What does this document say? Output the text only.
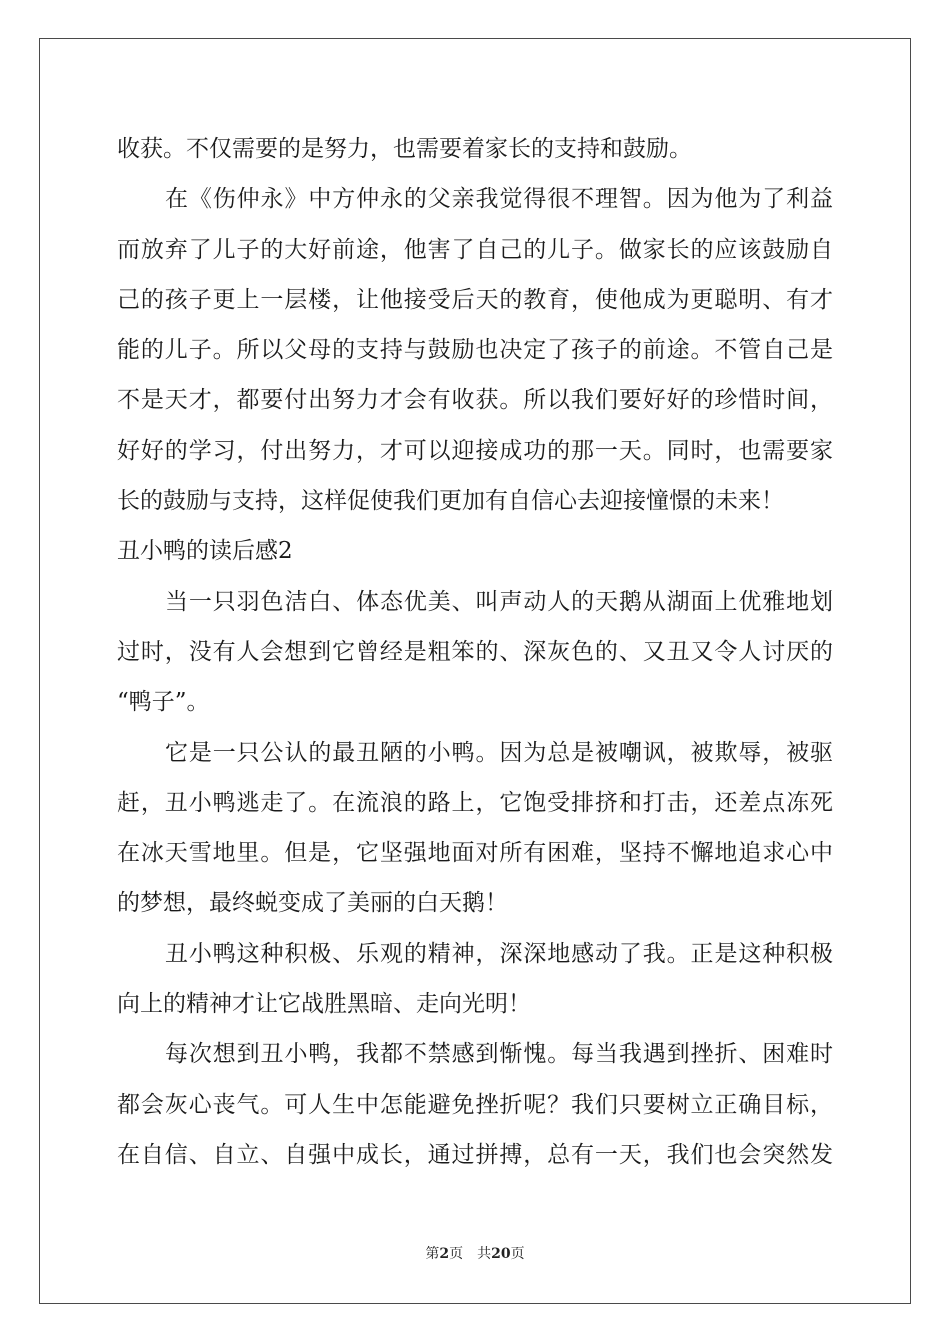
收获。不仅需要的是努力，也需要着家长的支持和鼓励。
在《伤仲永》中方仲永的父亲我觉得很不理智。因为他为了利益
而放弃了儿子的大好前途，他害了自己的儿子。做家长的应该鼓励自
己的孩子更上一层楼，让他接受后天的教育，使他成为更聪明、有才
能的儿子。所以父母的支持与鼓励也决定了孩子的前途。不管自己是
不是天才，都要付出努力才会有收获。所以我们要好好的珍惜时间，
好好的学习，付出努力，才可以迎接成功的那一天。同时，也需要家
长的鼓励与支持，这样促使我们更加有自信心去迎接憧憬的未来！
丑小鸭的读后感2
当一只羽色洁白、体态优美、叫声动人的天鹅从湖面上优雅地划
过时，没有人会想到它曾经是粗笨的、深灰色的、又丑又令人讨厌的
“鸭子”。
它是一只公认的最丑陋的小鸭。因为总是被嘲讽，被欺辱，被驱
赶，丑小鸭逃走了。在流浪的路上，它饱受排挤和打击，还差点冻死
在冰天雪地里。但是，它坚强地面对所有困难，坚持不懈地追求心中
的梦想，最终蜕变成了美丽的白天鹅！
丑小鸭这种积极、乐观的精神，深深地感动了我。正是这种积极
向上的精神才让它战胜黑暗、走向光明！
每次想到丑小鸭，我都不禁感到惭愧。每当我遇到挫折、困难时
都会灰心丧气。可人生中怎能避免挫折呢？我们只要树立正确目标，
在自信、自立、自强中成长，通过拼搏，总有一天，我们也会突然发
第2页 共20页
